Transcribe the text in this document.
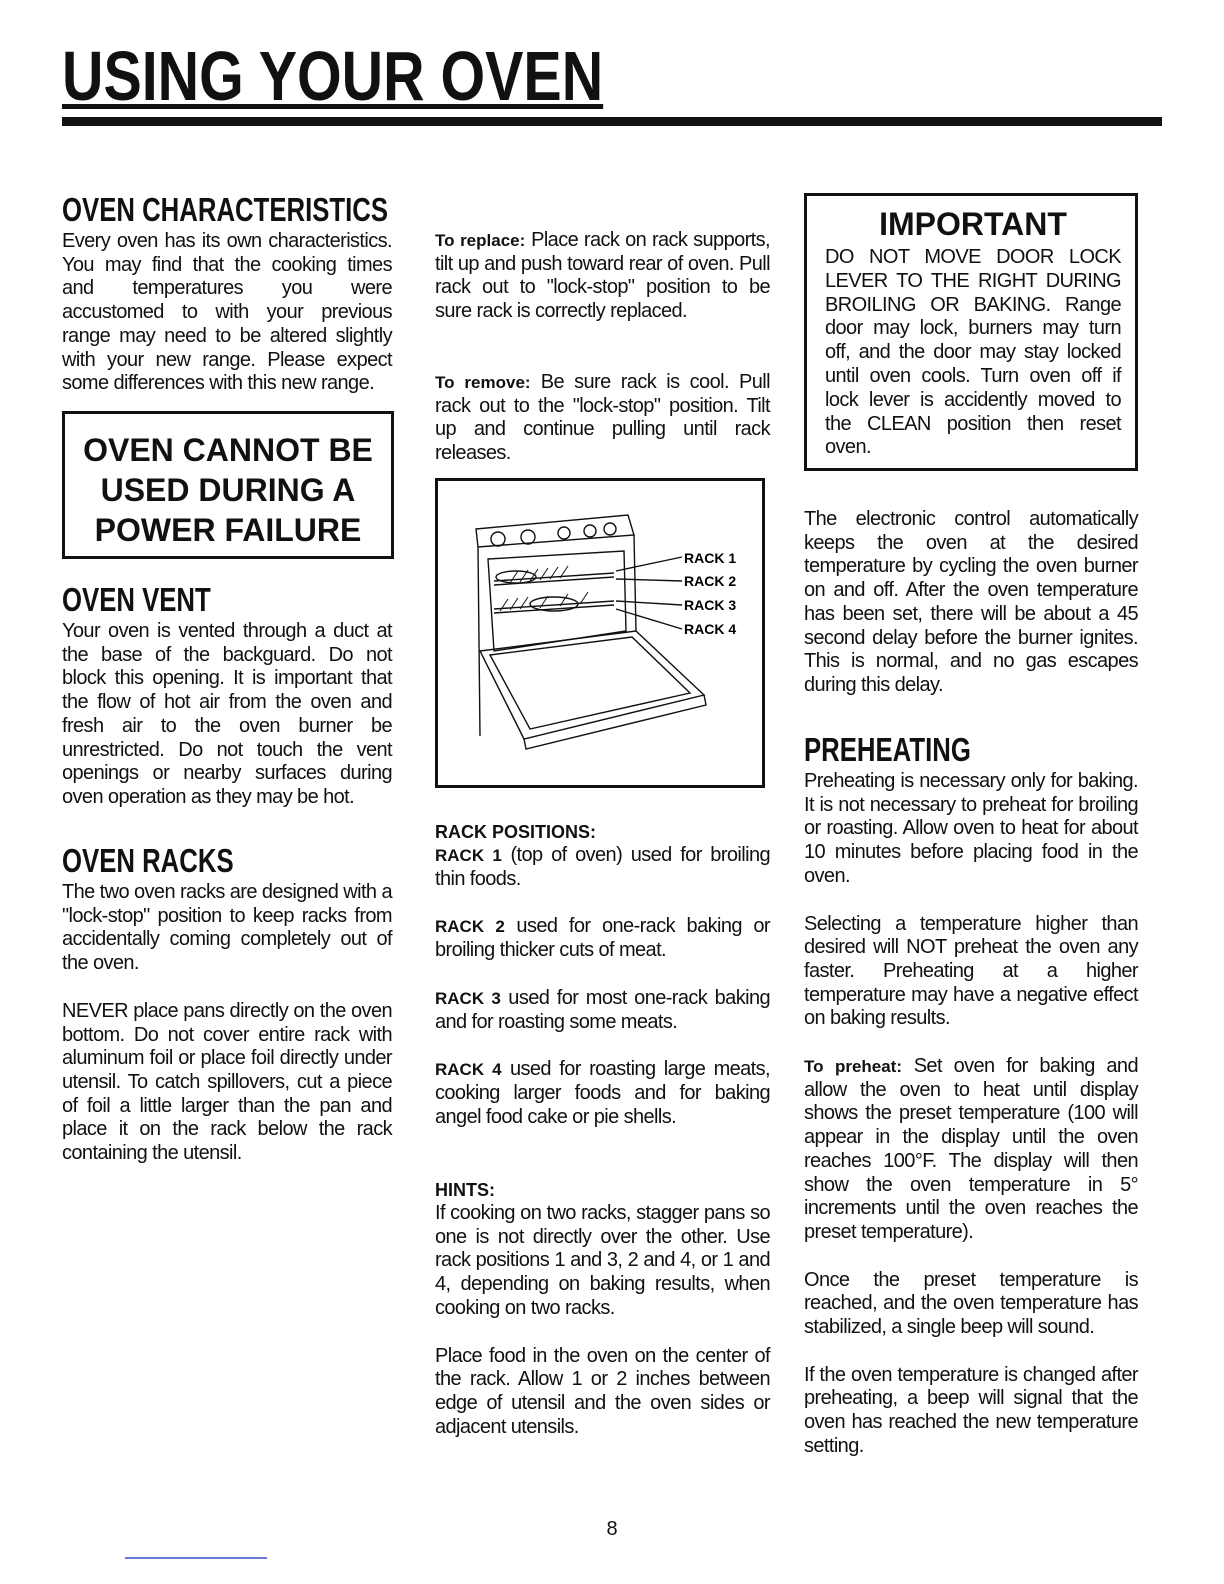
USING YOUR OVEN
OVEN CHARACTERISTICS

Every oven has its own characteristics. You may find that the cooking times and temperatures you were accustomed to with your previous range may need to be altered slightly with your new range. Please expect some differences with this new range.

OVEN CANNOT BE
USED DURING A
POWER FAILURE
OVEN VENT

Your oven is vented through a duct at the base of the backguard. Do not block this opening. It is important that the flow of hot air from the oven and fresh air to the oven burner be unrestricted. Do not touch the vent openings or nearby surfaces during oven operation as they may be hot.

OVEN RACKS

The two oven racks are designed with a "lock-stop" position to keep racks from accidentally coming completely out of the oven.

NEVER place pans directly on the oven bottom. Do not cover entire rack with aluminum foil or place foil directly under utensil. To catch spillovers, cut a piece of foil a little larger than the pan and place it on the rack below the rack containing the utensil.

To replace: Place rack on rack supports, tilt up and push toward rear of oven. Pull rack out to "lock-stop" position to be sure rack is correctly replaced.

To remove: Be sure rack is cool. Pull rack out to the "lock-stop" position. Tilt up and continue pulling until rack releases.

RACK 1
RACK 2
RACK 3
RACK 4

RACK POSITIONS:

RACK 1 (top of oven) used for broiling thin foods.

RACK 2 used for one-rack baking or broiling thicker cuts of meat.

RACK 3 used for most one-rack baking and for roasting some meats.

RACK 4 used for roasting large meats, cooking larger foods and for baking angel food cake or pie shells.

HINTS:

If cooking on two racks, stagger pans so one is not directly over the other. Use rack positions 1 and 3, 2 and 4, or 1 and 4, depending on baking results, when cooking on two racks.

Place food in the oven on the center of the rack. Allow 1 or 2 inches between edge of utensil and the oven sides or adjacent utensils.

IMPORTANT

DO NOT MOVE DOOR LOCK LEVER TO THE RIGHT DURING BROILING OR BAKING. Range door may lock, burners may turn off, and the door may stay locked until oven cools. Turn oven off if lock lever is accidently moved to the CLEAN position then reset oven.

The electronic control automatically keeps the oven at the desired temperature by cycling the oven burner on and off. After the oven temperature has been set, there will be about a 45 second delay before the burner ignites. This is normal, and no gas escapes during this delay.

PREHEATING

Preheating is necessary only for baking. It is not necessary to preheat for broiling or roasting. Allow oven to heat for about 10 minutes before placing food in the oven.

Selecting a temperature higher than desired will NOT preheat the oven any faster. Preheating at a higher temperature may have a negative effect on baking results.

To preheat: Set oven for baking and allow the oven to heat until display shows the preset temperature (100 will appear in the display until the oven reaches 100°F. The display will then show the oven temperature in 5° increments until the oven reaches the preset temperature).

Once the preset temperature is reached, and the oven temperature has stabilized, a single beep will sound.

If the oven temperature is changed after preheating, a beep will signal that the oven has reached the new temperature setting.

8
